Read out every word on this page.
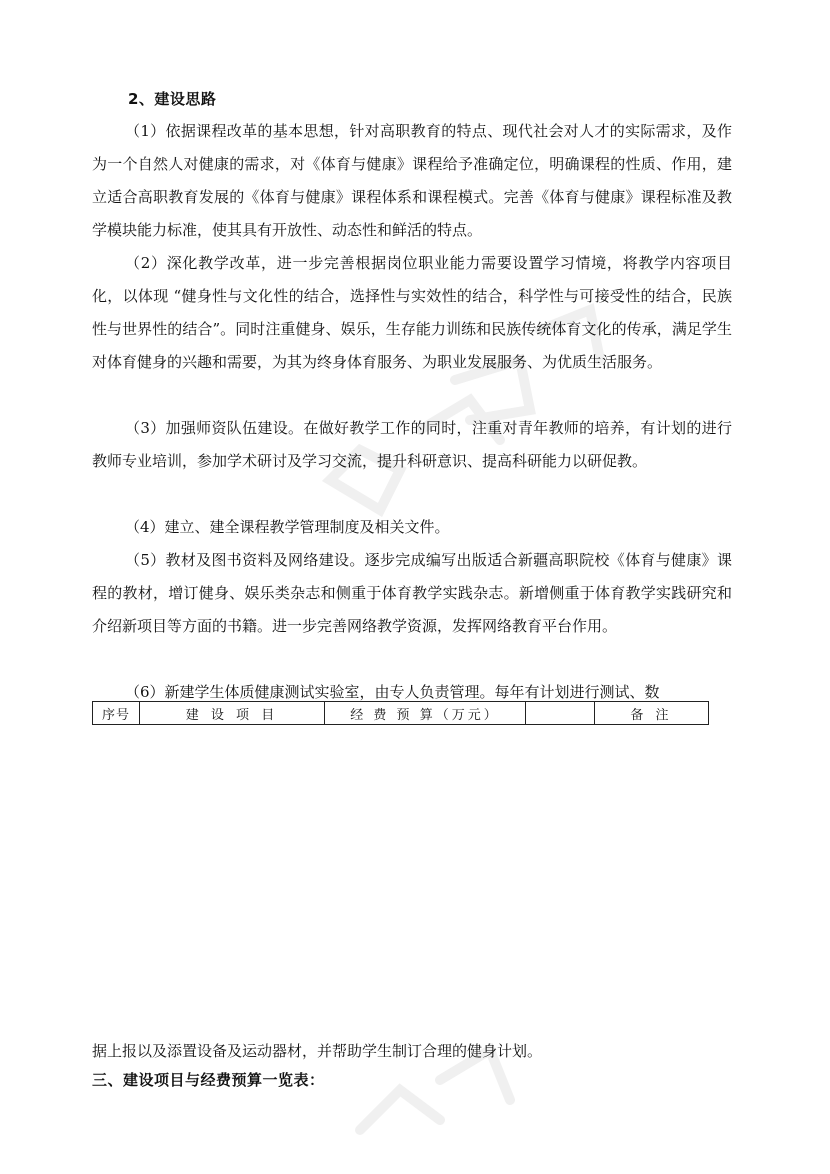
2、建设思路

（1）依据课程改革的基本思想，针对高职教育的特点、现代社会对人才的实际需求，及作为一个自然人对健康的需求，对《体育与健康》课程给予准确定位，明确课程的性质、作用，建立适合高职教育发展的《体育与健康》课程体系和课程模式。完善《体育与健康》课程标准及教学模块能力标准，使其具有开放性、动态性和鲜活的特点。

（2）深化教学改革，进一步完善根据岗位职业能力需要设置学习情境，将教学内容项目化，以体现 “健身性与文化性的结合，选择性与实效性的结合，科学性与可接受性的结合，民族性与世界性的结合”。同时注重健身、娱乐，生存能力训练和民族传统体育文化的传承，满足学生对体育健身的兴趣和需要，为其为终身体育服务、为职业发展服务、为优质生活服务。

（3）加强师资队伍建设。在做好教学工作的同时，注重对青年教师的培养，有计划的进行教师专业培训，参加学术研讨及学习交流，提升科研意识、提高科研能力以研促教。

（4）建立、建全课程教学管理制度及相关文件。

（5）教材及图书资料及网络建设。逐步完成编写出版适合新疆高职院校《体育与健康》课程的教材，增订健身、娱乐类杂志和侧重于体育教学实践杂志。新增侧重于体育教学实践研究和介绍新项目等方面的书籍。进一步完善网络教学资源，发挥网络教育平台作用。

（6）新建学生体质健康测试实验室，由专人负责管理。每年有计划进行测试、数

序号	建 设 项 目	经 费 预 算（万元）		备 注

据上报以及添置设备及运动器材，并帮助学生制订合理的健身计划。

三、建设项目与经费预算一览表：
